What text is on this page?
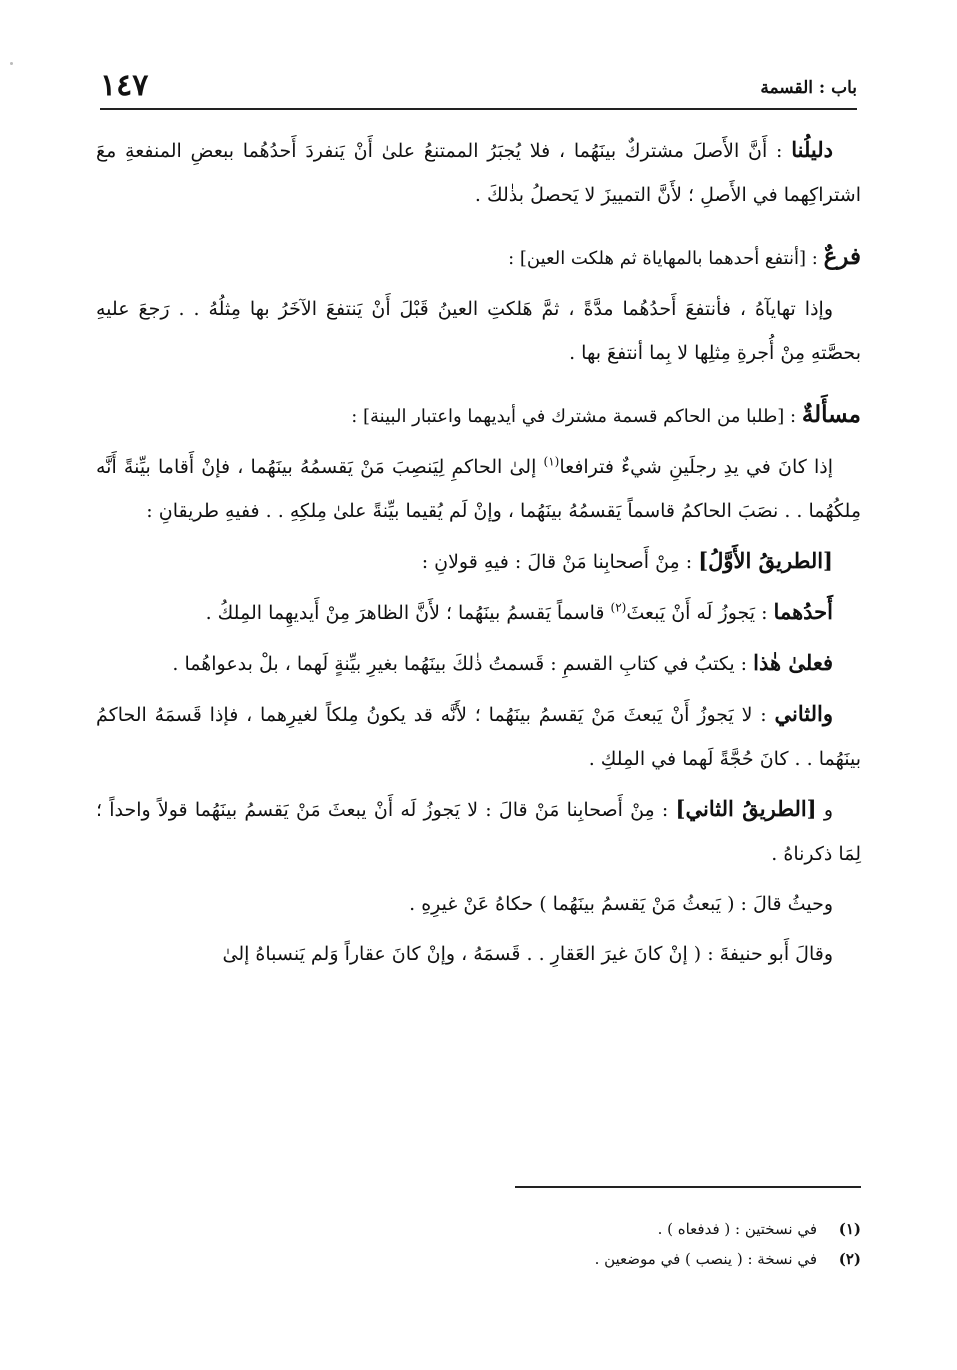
باب : القسمة
١٤٧

دليلُنا : أَنَّ الأَصلَ مشتركٌ بينَهُما ، فلا يُجبَرُ الممتنعُ علىٰ أَنْ يَنفردَ أَحدُهُما ببعضِ المنفعةِ معَ اشتراكِهما في الأَصلِ ؛ لأَنَّ التمييزَ لا يَحصلُ بذٰلكَ .

فرعٌ : [أنتفع أحدهما بالمهاياة ثم هلكت العين] :

وإذا تهايآهُ ، فأنتفعَ أَحدُهُما مدَّةً ، ثمَّ هَلكتِ العينُ قَبْلَ أَنْ يَنتفعَ الآخَرُ بها مِثلُهُ . . رَجعَ عليهِ بحصَّتهِ مِنْ أُجرةِ مِثلِها لا بِما أنتفعَ بها .

مسأَلةٌ : [طلبا من الحاكم قسمة مشترك في أيديهما واعتبار البينة] :

إذا كانَ في يدِ رجلَينِ شيءٌ فترافعا$^{(١)}$ إلىٰ الحاكمِ لِيَنصِبَ مَنْ يَقسمُهُ بينَهُما ، فإنْ أَقاما بيِّنةً أَنَّه مِلكُهُما . . نصَبَ الحاكمُ قاسماً يَقسمُهُ بينَهُما ، وإنْ لَم يُقيما بيِّنةً علىٰ مِلكِهِ . . ففيهِ طريقانِ :

[الطريقُ الأَوَّلُ] : مِنْ أَصحابِنا مَنْ قالَ : فيهِ قولانِ :

أَحدُهما : يَجوزُ لَه أَنْ يَبعثَ$^{(٢)}$ قاسماً يَقسمُ بينَهُما ؛ لأَنَّ الظاهرَ مِنْ أَيديهِما المِلكُ .

فعلىٰ هٰذا : يكتبُ في كتابِ القسمِ : قَسمتُ ذٰلكَ بينَهُما بغيرِ بيِّنةٍ لَهما ، بلْ بدعواهُما .

والثاني : لا يَجوزُ أَنْ يَبعثَ مَنْ يَقسمُ بينَهُما ؛ لأَنَّه قد يكونُ مِلكاً لغيرِهما ، فإذا قَسمَهُ الحاكمُ بينَهُما . . كانَ حُجَّةً لَهما في المِلكِ .

و [الطريقُ الثاني] : مِنْ أَصحابِنا مَنْ قالَ : لا يَجوزُ لَه أَنْ يبعثَ مَنْ يَقسمُ بينَهُما قولاً واحداً ؛ لِمَا ذكرناهُ .

وحيثُ قالَ : ( يَبعثُ مَنْ يَقسمُ بينَهُما ) حكاهُ عَنْ غيرِهِ .

وقالَ أَبو حنيفةَ : ( إنْ كانَ غيرَ العَقارِ . . قَسمَهُ ، وإنْ كانَ عقاراً وَلم يَنسباهُ إلىٰ

(١)في نسختين : ( فدفعاه ) .

(٢)في نسخة : ( ينصب ) في موضعين .
